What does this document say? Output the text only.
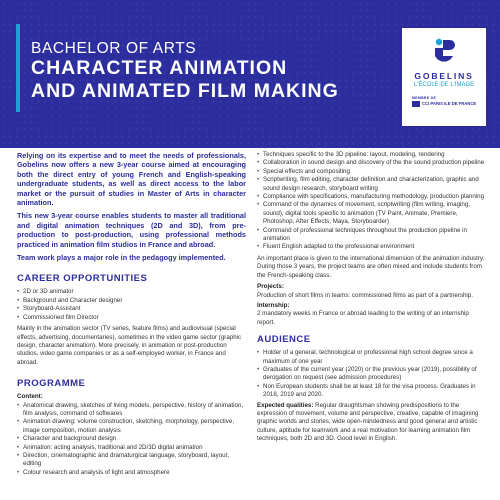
BACHELOR OF ARTS
CHARACTER ANIMATION
AND ANIMATED FILM MAKING
GOBELINS
L'ÉCOLE DE L'IMAGE
MEMBRE DE
CCI PARIS ILE DE FRANCE

Relying on its expertise and to meet the needs of professionals, Gobelins now offers a new 3-year course aimed at encouraging both the direct entry of young French and English-speaking undergraduate students, as well as direct access to the labor market or the pursuit of studies in Master of Arts in character animation.

This new 3-year course enables students to master all traditional and digital animation techniques (2D and 3D), from pre-production to post-production, using professional methods practiced in animation film studios in France and abroad.

Team work plays a major role in the pedagogy implemented.

CAREER OPPORTUNITIES
• 2D or 3D animator
• Background and Character designer
• Storyboard-Assistant
• Commissioned film Director

Mainly in the animation sector (TV series, feature films) and audiovisual (special effects, advertising, documentaries), sometimes in the video game sector (graphic design, character animation). More precisely, in animation or post-production studios, video game companies or as a self-employed worker, in France and abroad.

PROGRAMME
Content:
• Anatomical drawing, sketches of living models, perspective, history of animation, film analysis, command of softwares
• Animation drawing: volume construction, sketching, morphology, perspective, image composition, motion analysis
• Character and background design
• Animation: acting analysis, traditional and 2D/3D digital animation
• Direction, cinematographic and dramaturgical language, storyboard, layout, editing
• Colour research and analysis of light and atmosphere
• Techniques specific to the 3D pipeline: layout, modeling, rendering
• Collaboration in sound design and discovery of the the sound production pipeline
• Special effects and compositing
• Scriptwriting, film editing, character definition and characterization, graphic and sound design research, storyboard writing
• Compliance with specifications, manufacturing methodology, production planning
• Command of the dynamics of movement, scriptwriting (film writing, imaging, sound), digital tools specific to animation (TV Paint, Animate, Premiere, Photoshop, After Effects, Maya, Storyboarder)
• Command of professional techniques throughout the production pipeline in animation
• Fluent English adapted to the professional environment

An important place is given to the international dimension of the animation industry. During those 3 years, the project teams are often mixed and include students from the French-speaking class.

Projects:

Production of short films in teams: commissioned films as part of a partnership.

Internship:

2 mandatory weeks in France or abroad leading to the writing of an internship report.

AUDIENCE
• Holder of a general, technological or professional high school degree since a maximum of one year
• Graduates of the current year (2020) or the previous year (2019), possibility of derogation on request (see admission procedures)
• Non European students shall be at least 18 for the visa process. Graduates in 2018, 2019 and 2020.

Expected qualities: Regular draughtsman showing predispositions to the expression of movement, volume and perspective, creative, capable of imagining graphic worlds and stories, wide open-mindedness and good general and artistic culture, aptitude for teamwork and a real motivation for learning animation film techniques, both 2D and 3D. Good level in English.
